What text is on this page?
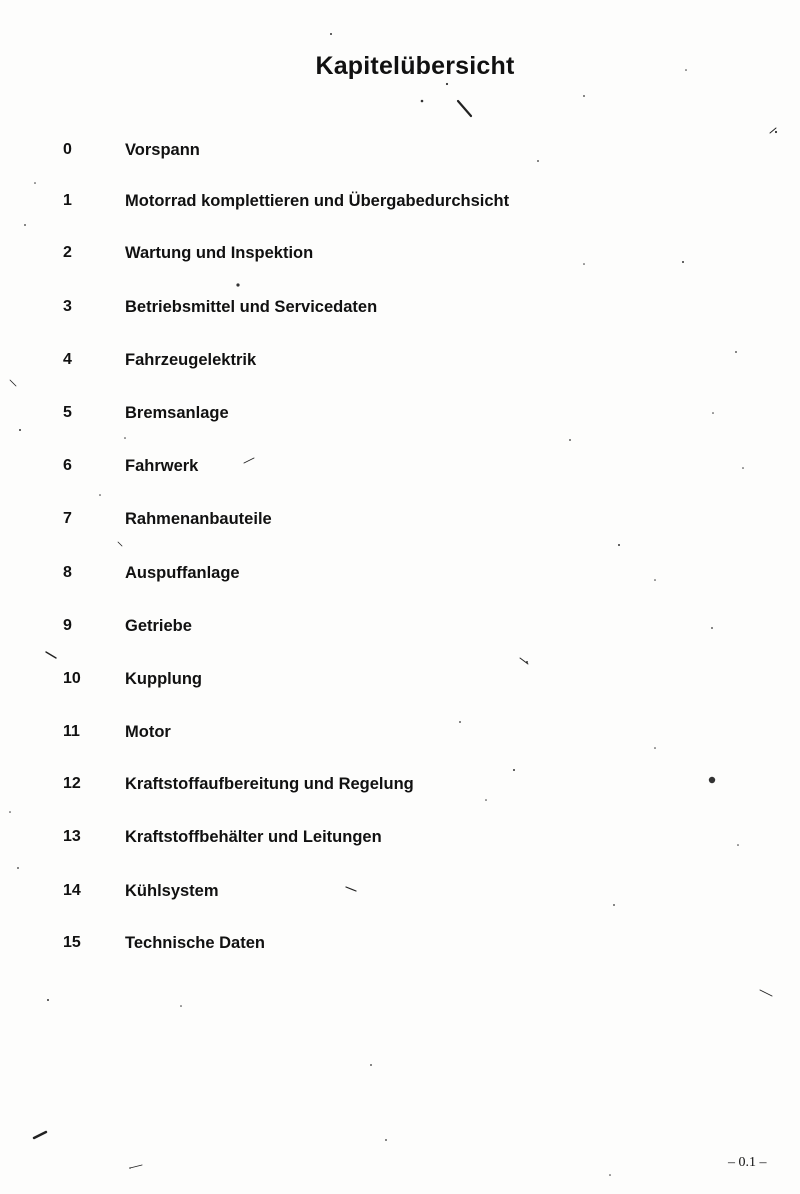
Kapitelübersicht
0	Vorspann
1	Motorrad komplettieren und Übergabedurchsicht
2	Wartung und Inspektion
3	Betriebsmittel und Servicedaten
4	Fahrzeugelektrik
5	Bremsanlage
6	Fahrwerk
7	Rahmenanbauteile
8	Auspuffanlage
9	Getriebe
10	Kupplung
11	Motor
12	Kraftstoffaufbereitung und Regelung
13	Kraftstoffbehälter und Leitungen
14	Kühlsystem
15	Technische Daten
– 0.1 –
